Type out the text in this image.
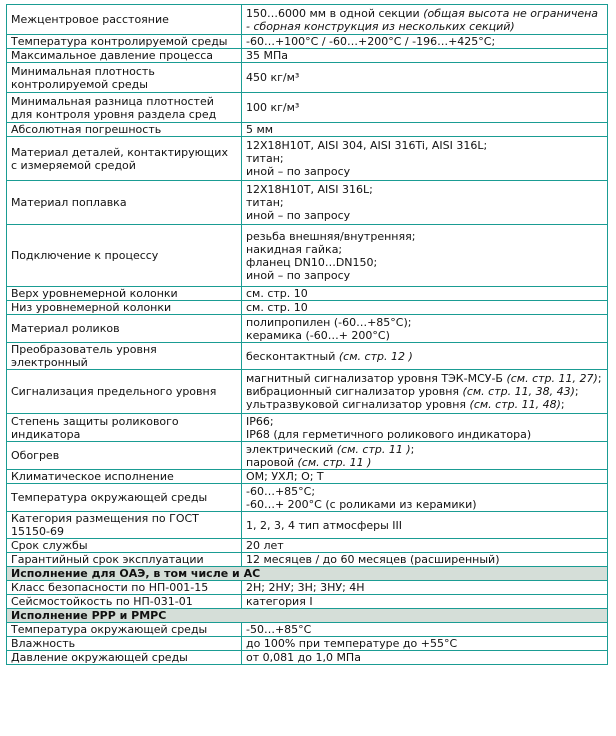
Межцентровое расстояние	150…6000 мм в одной секции (общая высота не ограничена - сборная конструкция из нескольких секций)
Температура контролируемой среды	-60…+100°С / -60…+200°С / -196…+425°С;

Максимальное давление процесса	35 МПа

Минимальная плотность контролируемой среды	450 кг/м³

Минимальная разница плотностей для контроля уровня раздела сред	100 кг/м³

Абсолютная погрешность	5 мм

Материал деталей, контактирующих с измеряемой средой	12Х18Н10Т, AISI 304, AISI 316Ti, AISI 316L;
титан;
иной – по запросу

Материал поплавка	12Х18Н10Т, AISI 316L;
титан;
иной – по запросу

Подключение к процессу	резьба внешняя/внутренняя;
накидная гайка;
фланец DN10…DN150;
иной – по запросу

Верх уровнемерной колонки	см. стр. 10

Низ уровнемерной колонки	см. стр. 10

Материал роликов	полипропилен (-60…+85°С);
керамика (-60…+ 200°С)

Преобразователь уровня электронный	бесконтактный (см. стр. 12 )
Сигнализация предельного уровня	магнитный сигнализатор уровня ТЭК-МСУ-Б (см. стр. 11, 27);
вибрационный сигнализатор уровня (см. стр. 11, 38, 43);
ультразвуковой сигнализатор уровня (см. стр. 11, 48);
Степень защиты роликового индикатора	IP66;
IP68 (для герметичного роликового индикатора)

Обогрев	электрический (см. стр. 11 );
паровой (см. стр. 11 )
Климатическое исполнение	ОМ; УХЛ; О; Т

Температура окружающей среды	-60…+85°С;
-60…+ 200°С (с роликами из керамики)

Категория размещения по ГОСТ 15150-69	1, 2, 3, 4 тип атмосферы III

Срок службы	20 лет

Гарантийный срок эксплуатации	12 месяцев / до 60 месяцев (расширенный)

Исполнение для ОАЭ, в том числе и АС	
Класс безопасности по НП-001-15	2Н; 2НУ; 3Н; 3НУ; 4Н

Сейсмостойкость по НП-031-01	категория I

Исполнение РРР и РМРС	
Температура окружающей среды	-50…+85°С

Влажность	до 100% при температуре до +55°С

Давление окружающей среды	от 0,081 до 1,0 МПа
